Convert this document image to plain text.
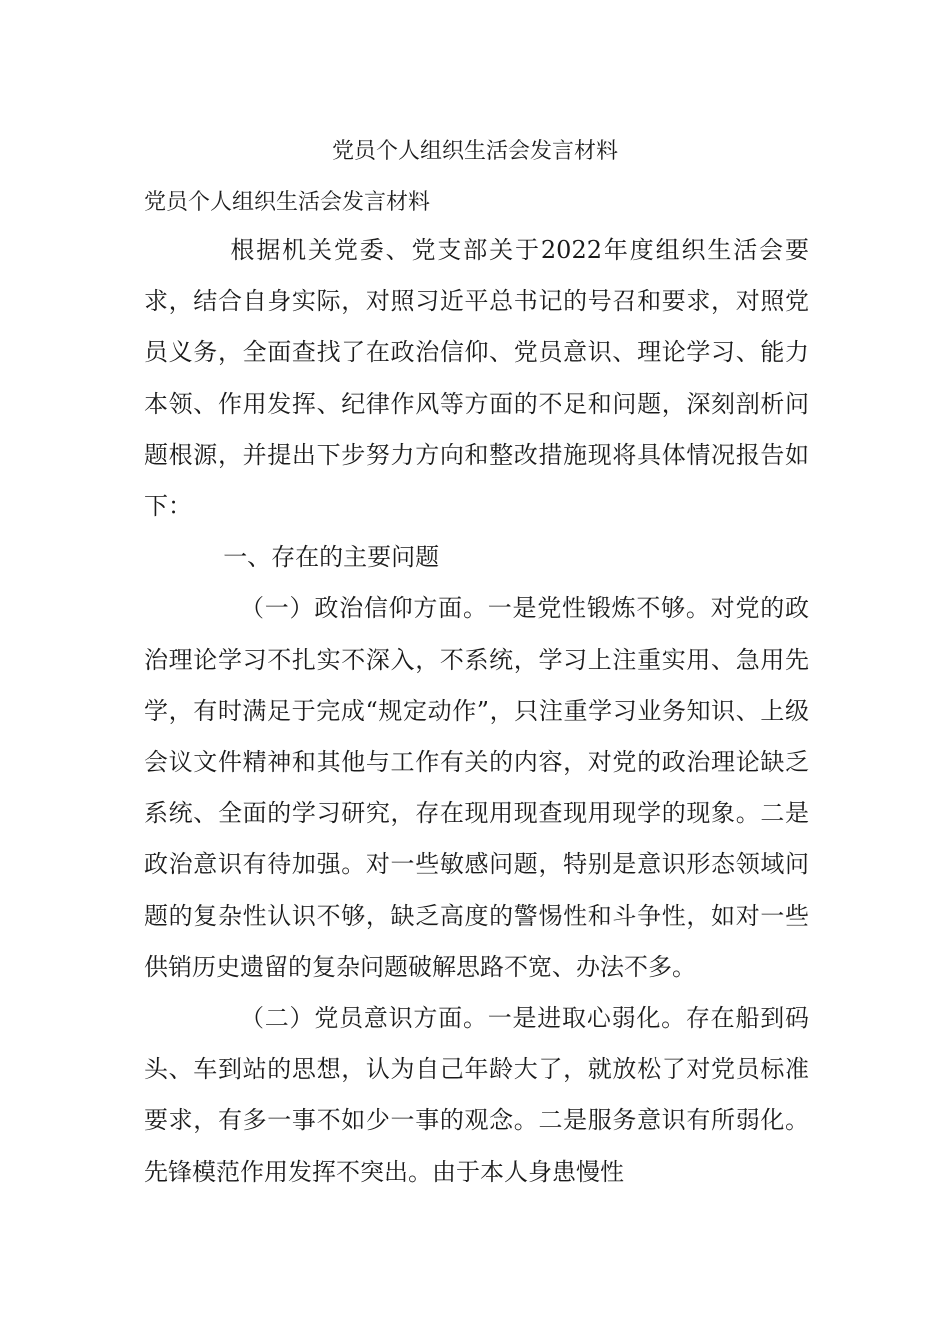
党员个人组织生活会发言材料

党员个人组织生活会发言材料

根据机关党委、党支部关于2022年度组织生活会要求，结合自身实际，对照习近平总书记的号召和要求，对照党员义务，全面查找了在政治信仰、党员意识、理论学习、能力本领、作用发挥、纪律作风等方面的不足和问题，深刻剖析问题根源，并提出下步努力方向和整改措施现将具体情况报告如下：

一、存在的主要问题

（一）政治信仰方面。一是党性锻炼不够。对党的政治理论学习不扎实不深入，不系统，学习上注重实用、急用先学，有时满足于完成“规定动作”，只注重学习业务知识、上级会议文件精神和其他与工作有关的内容，对党的政治理论缺乏系统、全面的学习研究，存在现用现查现用现学的现象。二是政治意识有待加强。对一些敏感问题，特别是意识形态领域问题的复杂性认识不够，缺乏高度的警惕性和斗争性，如对一些供销历史遗留的复杂问题破解思路不宽、办法不多。

（二）党员意识方面。一是进取心弱化。存在船到码头、车到站的思想，认为自己年龄大了，就放松了对党员标准要求，有多一事不如少一事的观念。二是服务意识有所弱化。先锋模范作用发挥不突出。由于本人身患慢性
